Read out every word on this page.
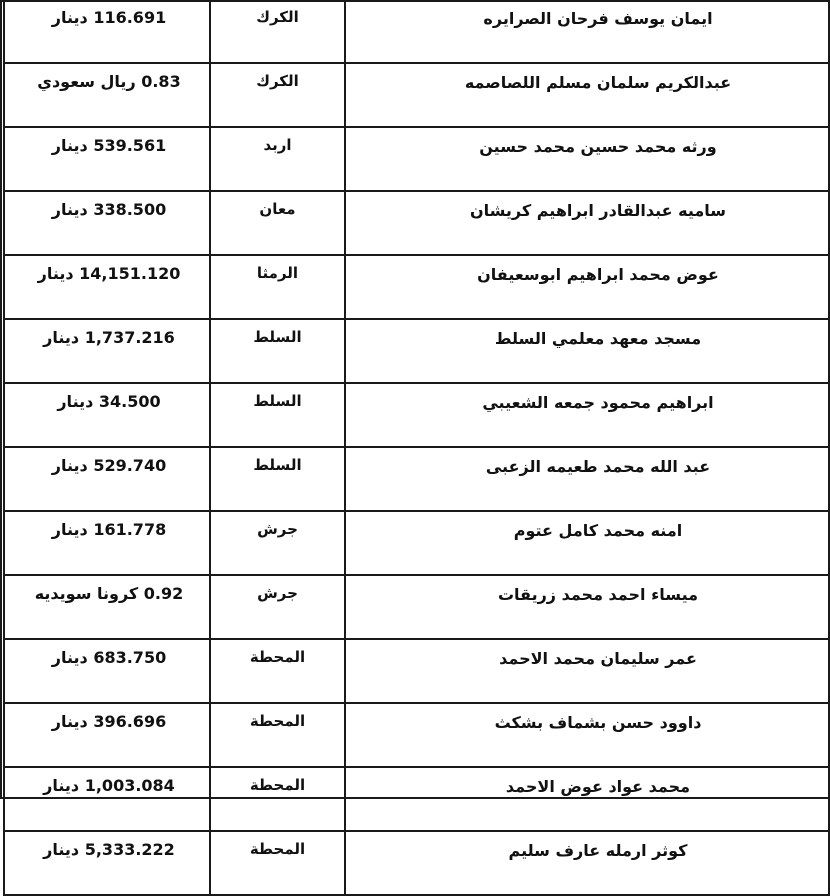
116.691 دينار	الكرك	ايمان يوسف فرحان الصرايره
0.83 ريال سعودي	الكرك	عبدالكريم سلمان مسلم اللصاصمه
539.561 دينار	اربد	ورثه محمد حسين محمد حسين
338.500 دينار	معان	ساميه عبدالقادر ابراهيم كريشان
14,151.120 دينار	الرمثا	عوض محمد ابراهيم ابوسعيفان
1,737.216 دينار	السلط	مسجد معهد معلمي السلط
34.500 دينار	السلط	ابراهيم محمود جمعه الشعيبي
529.740 دينار	السلط	عبد الله محمد طعيمه الزعبى
161.778 دينار	جرش	امنه محمد كامل عتوم
0.92 كرونا سويديه	جرش	ميساء احمد محمد زريقات
683.750 دينار	المحطة	عمر سليمان محمد الاحمد
396.696 دينار	المحطة	داوود حسن بشماف بشكث
1,003.084 دينار	المحطة	محمد عواد عوض الاحمد
5,333.222 دينار	المحطة	كوثر ارمله عارف سليم
